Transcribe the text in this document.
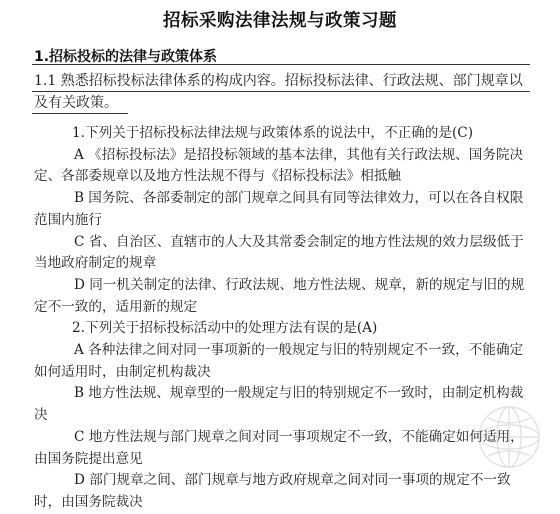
招标采购法律法规与政策习题
1.招标投标的法律与政策体系

1.1 熟悉招标投标法律体系的构成内容。招标投标法律、行政法规、部门规章以及有关政策。

1.下列关于招标投标法律法规与政策体系的说法中，不正确的是(C)

A 《招标投标法》是招投标领域的基本法律，其他有关行政法规、国务院决定、各部委规章以及地方性法规不得与《招标投标法》相抵触

B 国务院、各部委制定的部门规章之间具有同等法律效力，可以在各自权限范围内施行

C 省、自治区、直辖市的人大及其常委会制定的地方性法规的效力层级低于当地政府制定的规章

D 同一机关制定的法律、行政法规、地方性法规、规章，新的规定与旧的规定不一致的，适用新的规定

2.下列关于招标投标活动中的处理方法有误的是(A)

A 各种法律之间对同一事项新的一般规定与旧的特别规定不一致，不能确定如何适用时，由制定机构裁决

B 地方性法规、规章型的一般规定与旧的特别规定不一致时，由制定机构裁决

C 地方性法规与部门规章之间对同一事项规定不一致，不能确定如何适用，由国务院提出意见

D 部门规章之间、部门规章与地方政府规章之间对同一事项的规定不一致时，由国务院裁决
